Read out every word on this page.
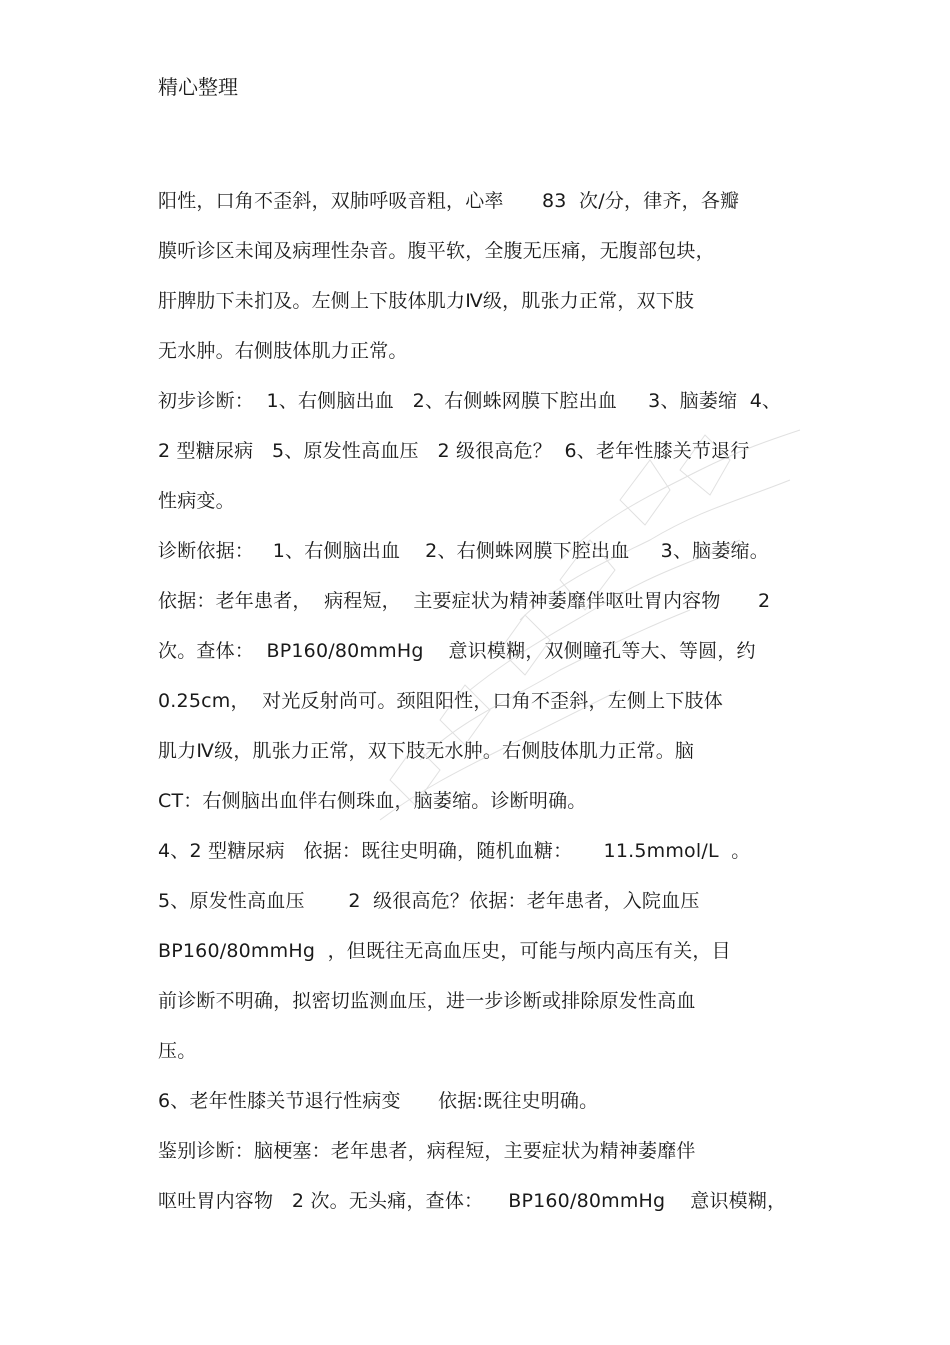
精心整理
阳性，口角不歪斜，双肺呼吸音粗，心率　　83  次/分，律齐，各瓣
膜听诊区未闻及病理性杂音。腹平软，全腹无压痛，无腹部包块，
肝脾肋下未扪及。左侧上下肢体肌力Ⅳ级，肌张力正常，双下肢
无水肿。右侧肢体肌力正常。
初步诊断：  1、右侧脑出血   2、右侧蛛网膜下腔出血     3、脑萎缩  4、
2 型糖尿病   5、原发性高血压   2 级很高危？  6、老年性膝关节退行
性病变。
诊断依据：   1、右侧脑出血    2、右侧蛛网膜下腔出血     3、脑萎缩。
依据：老年患者，  病程短，  主要症状为精神萎靡伴呕吐胃内容物      2
次。查体：  BP160/80mmHg    意识模糊，双侧瞳孔等大、等圆，约
0.25cm，  对光反射尚可。颈阻阳性，口角不歪斜，左侧上下肢体
肌力Ⅳ级，肌张力正常，双下肢无水肿。右侧肢体肌力正常。脑
CT：右侧脑出血伴右侧珠血，脑萎缩。诊断明确。
4、2 型糖尿病   依据：既往史明确，随机血糖：     11.5mmol/L  。
5、原发性高血压       2  级很高危？依据：老年患者，入院血压
BP160/80mmHg  ，但既往无高血压史，可能与颅内高压有关，目
前诊断不明确，拟密切监测血压，进一步诊断或排除原发性高血
压。
6、老年性膝关节退行性病变      依据:既往史明确。
鉴别诊断：脑梗塞：老年患者，病程短，主要症状为精神萎靡伴
呕吐胃内容物   2 次。无头痛，查体：    BP160/80mmHg    意识模糊，
